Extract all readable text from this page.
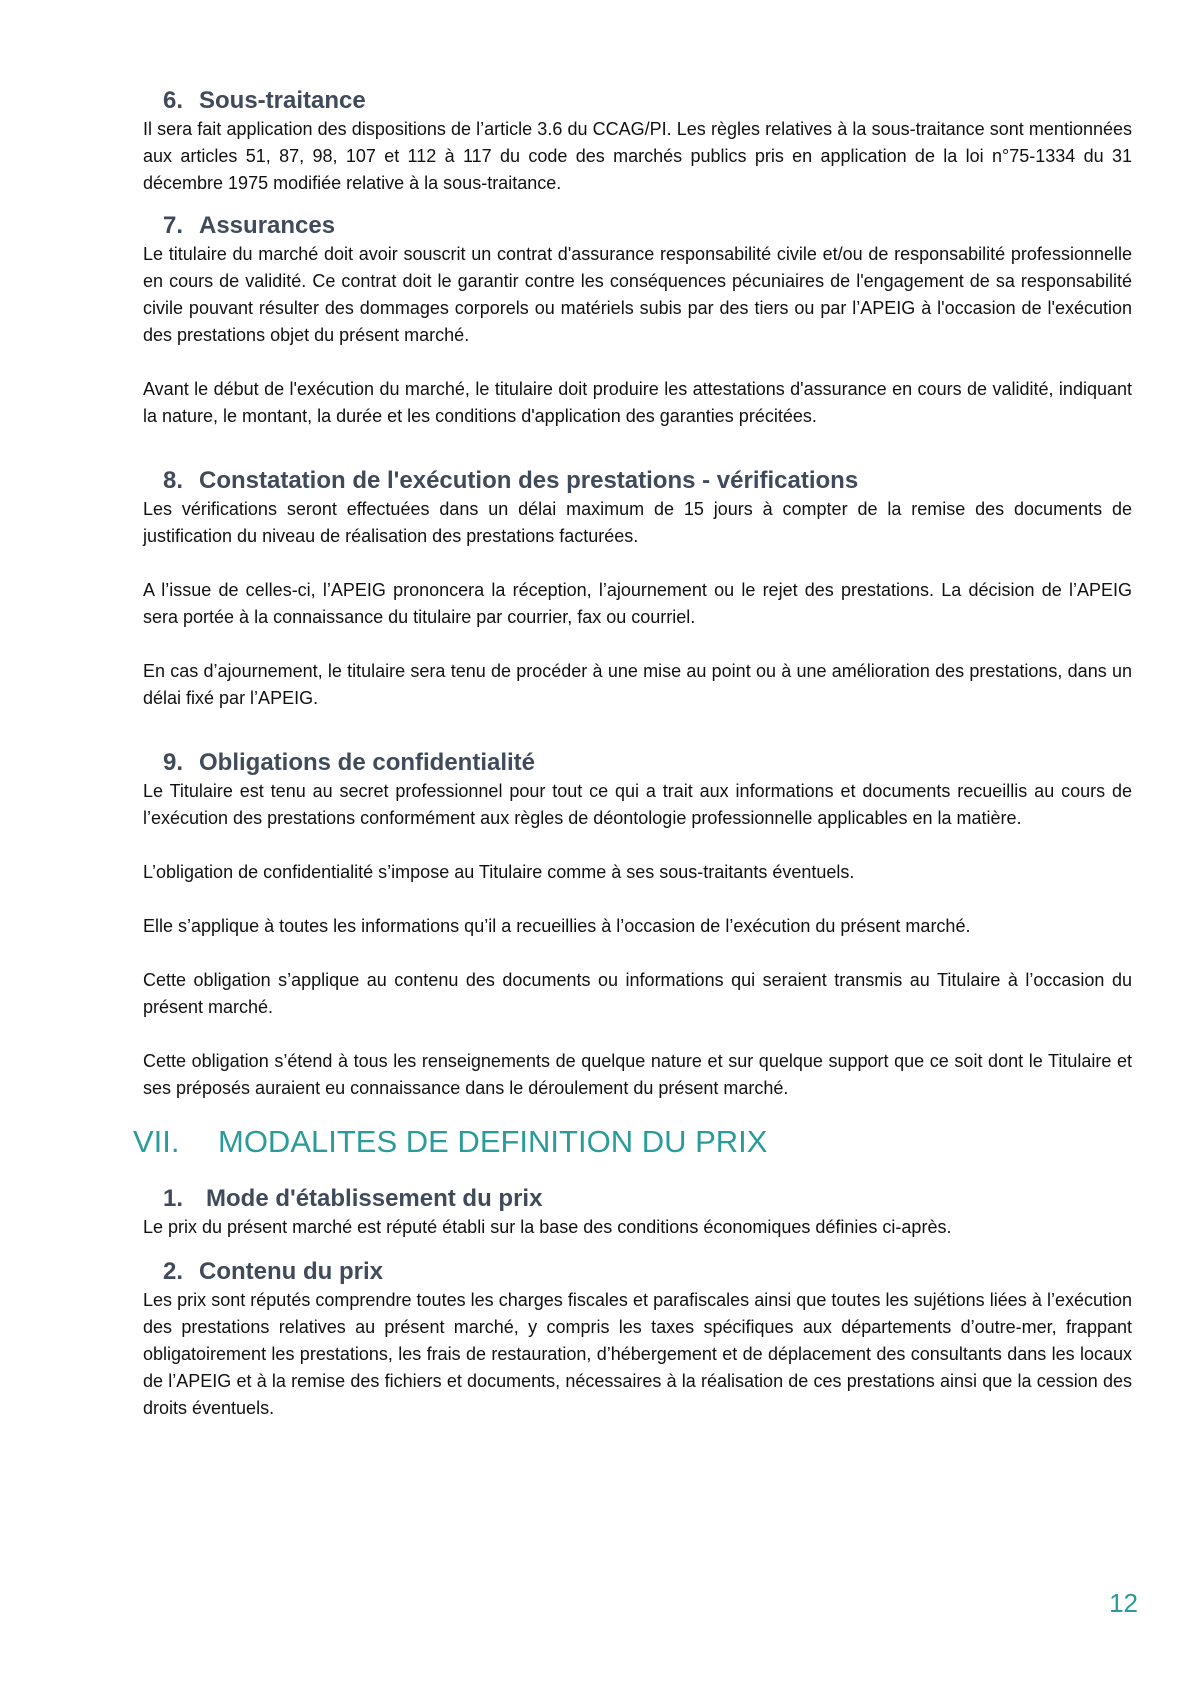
6. Sous-traitance

Il sera fait application des dispositions de l’article 3.6 du CCAG/PI. Les règles relatives à la sous-traitance sont mentionnées aux articles 51, 87, 98, 107 et 112 à 117 du code des marchés publics pris en application de la loi n°75-1334 du 31 décembre 1975 modifiée relative à la sous-traitance.

7. Assurances

Le titulaire du marché doit avoir souscrit un contrat d'assurance responsabilité civile et/ou de responsabilité professionnelle en cours de validité. Ce contrat doit le garantir contre les conséquences pécuniaires de l'engagement de sa responsabilité civile pouvant résulter des dommages corporels ou matériels subis par des tiers ou par l’APEIG à l'occasion de l'exécution des prestations objet du présent marché.

Avant le début de l'exécution du marché, le titulaire doit produire les attestations d'assurance en cours de validité, indiquant la nature, le montant, la durée et les conditions d'application des garanties précitées.

8. Constatation de l'exécution des prestations - vérifications

Les vérifications seront effectuées dans un délai maximum de 15 jours à compter de la remise des documents de justification du niveau de réalisation des prestations facturées.

A l’issue de celles-ci, l’APEIG prononcera la réception, l’ajournement ou le rejet des prestations. La décision de l’APEIG sera portée à la connaissance du titulaire par courrier, fax ou courriel.

En cas d’ajournement, le titulaire sera tenu de procéder à une mise au point ou à une amélioration des prestations, dans un délai fixé par l’APEIG.

9. Obligations de confidentialité

Le Titulaire est tenu au secret professionnel pour tout ce qui a trait aux informations et documents recueillis au cours de l’exécution des prestations conformément aux règles de déontologie professionnelle applicables en la matière.

L’obligation de confidentialité s’impose au Titulaire comme à ses sous-traitants éventuels.

Elle s’applique à toutes les informations qu’il a recueillies à l’occasion de l’exécution du présent marché.

Cette obligation s’applique au contenu des documents ou informations qui seraient transmis au Titulaire à l’occasion du présent marché.

Cette obligation s’étend à tous les renseignements de quelque nature et sur quelque support que ce soit dont le Titulaire et ses préposés auraient eu connaissance dans le déroulement du présent marché.

VII.	MODALITES DE DEFINITION DU PRIX
1. Mode d'établissement du prix

Le prix du présent marché est réputé établi sur la base des conditions économiques définies ci-après.

2. Contenu du prix

Les prix sont réputés comprendre toutes les charges fiscales et parafiscales ainsi que toutes les sujétions liées à l’exécution des prestations relatives au présent marché, y compris les taxes spécifiques aux départements d’outre-mer, frappant obligatoirement les prestations, les frais de restauration, d’hébergement et de déplacement des consultants dans les locaux de l’APEIG et à la remise des fichiers et documents, nécessaires à la réalisation de ces prestations ainsi que la cession des droits éventuels.

12
